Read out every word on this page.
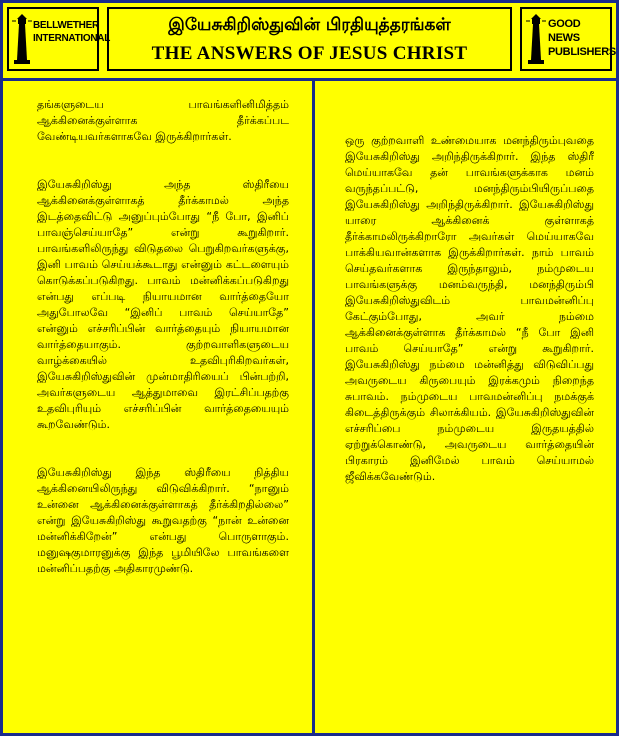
BELLWETHER
INTERNATIONAL
இயேசுகிறிஸ்துவின் பிரதியுத்தரங்கள்
THE ANSWERS OF JESUS CHRIST
GOOD NEWS
PUBLISHERS

தங்களுடைய பாவங்களினிமித்தம் ஆக்கினைக்குள்ளாக தீர்க்கப்பட வேண்டியவர்களாகவே இருக்கிறார்கள்.

இயேசுகிறிஸ்து அந்த ஸ்திரீயை ஆக்கினைக்குள்ளாகத் தீர்க்காமல் அந்த இடத்தைவிட்டு அனுப்பும்போது “நீ போ, இனிப் பாவஞ்செய்யாதே” என்று கூறுகிறார். பாவங்களிலிருந்து விடுதலை பெறுகிறவர்களுக்கு, இனி பாவம் செய்யக்கூடாது என்னும் கட்டளையும் கொடுக்கப்படுகிறது. பாவம் மன்னிக்கப்படுகிறது என்பது எப்படி நியாயமான வார்த்தையோ அதுபோலவே “இனிப் பாவம் செய்யாதே” என்னும் எச்சரிப்பின் வார்த்தையும் நியாயமான வார்த்தையாகும். குற்றவாளிகளுடைய வாழ்க்கையில் உதவிபுரிகிறவர்கள், இயேசுகிறிஸ்துவின் முன்மாதிரியைப் பின்பற்றி, அவர்களுடைய ஆத்துமாவை இரட்சிப்பதற்கு உதவிபுரியும் எச்சரிப்பின் வார்த்தையையும் கூறவேண்டும்.

இயேசுகிறிஸ்து இந்த ஸ்திரீயை நித்திய ஆக்கினையிலிருந்து விடுவிக்கிறார். “நானும் உன்னை ஆக்கினைக்குள்ளாகத் தீர்க்கிறதில்லை” என்று இயேசுகிறிஸ்து கூறுவதற்கு “நான் உன்னை மன்னிக்கிறேன்” என்பது பொருளாகும். மனுஷகுமாரனுக்கு இந்த பூமியிலே பாவங்களை மன்னிப்பதற்கு அதிகாரமுண்டு.

ஒரு குற்றவாளி உண்மையாக மனந்திரும்புவதை இயேசுகிறிஸ்து அறிந்திருக்கிறார். இந்த ஸ்திரீ மெய்யாகவே தன் பாவங்களுக்காக மனம் வருந்தப்பட்டு, மனந்திரும்பியிருப்பதை இயேசுகிறிஸ்து அறிந்திருக்கிறார். இயேசுகிறிஸ்து யாரை ஆக்கினைக் குள்ளாகத் தீர்க்காமலிருக்கிறாரோ அவர்கள் மெய்யாகவே பாக்கியவான்களாக இருக்கிறார்கள். நாம் பாவம் செய்தவர்களாக இருந்தாலும், நம்முடைய பாவங்களுக்கு மனம்வருந்தி, மனந்திரும்பி இயேசுகிறிஸ்துவிடம் பாவமன்னிப்பு கேட்கும்போது, அவர் நம்மை ஆக்கினைக்குள்ளாக தீர்க்காமல் “நீ போ இனி பாவம் செய்யாதே” என்று கூறுகிறார். இயேசுகிறிஸ்து நம்மை மன்னித்து விடுவிப்பது அவருடைய கிருபையும் இரக்கமும் நிறைந்த சுபாவம். நம்முடைய பாவமன்னிப்பு நமக்குக் கிடைத்திருக்கும் சிலாக்கியம். இயேசுகிறிஸ்துவின் எச்சரிப்பை நம்முடைய இருதயத்தில் ஏற்றுக்கொண்டு, அவருடைய வார்த்தையின் பிரகாரம் இனிமேல் பாவம் செய்யாமல் ஜீவிக்கவேண்டும்.
